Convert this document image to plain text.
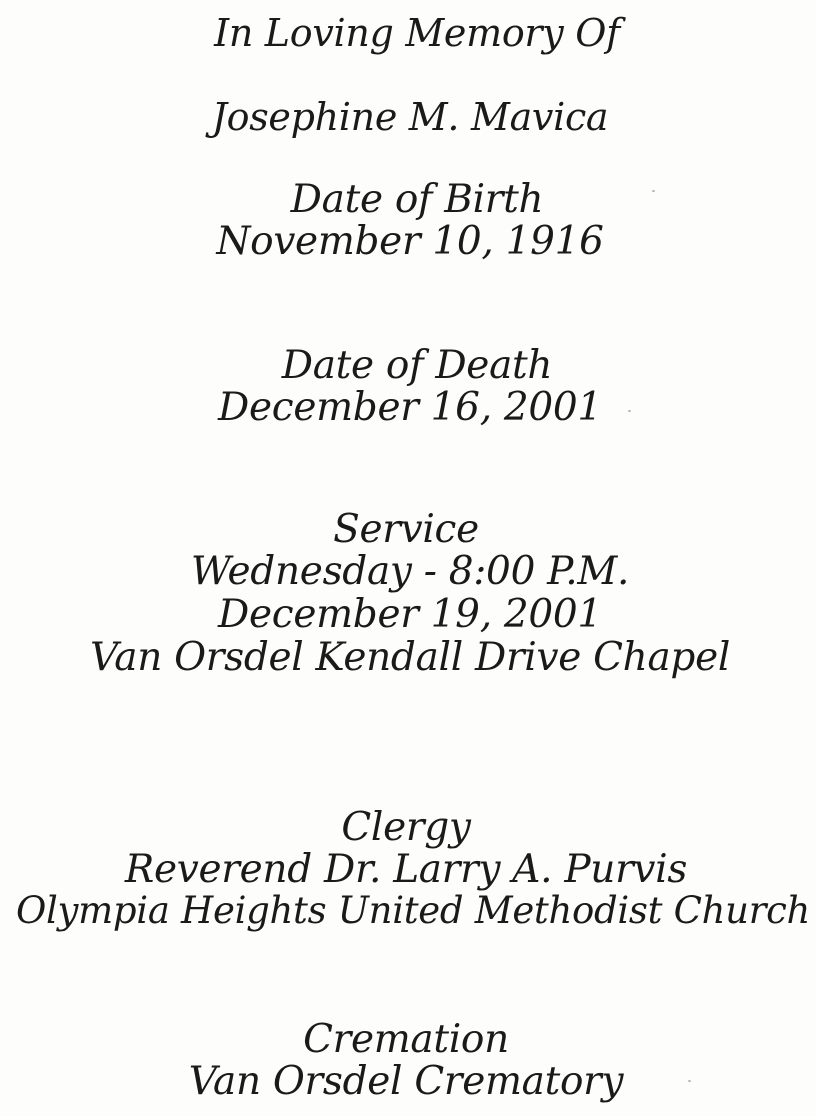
In Loving Memory Of
Josephine M. Mavica
Date of Birth
November 10, 1916
Date of Death
December 16, 2001
Service
Wednesday - 8:00 P.M.
December 19, 2001
Van Orsdel Kendall Drive Chapel
Clergy
Reverend Dr. Larry A. Purvis
Olympia Heights United Methodist Church
Cremation
Van Orsdel Crematory
